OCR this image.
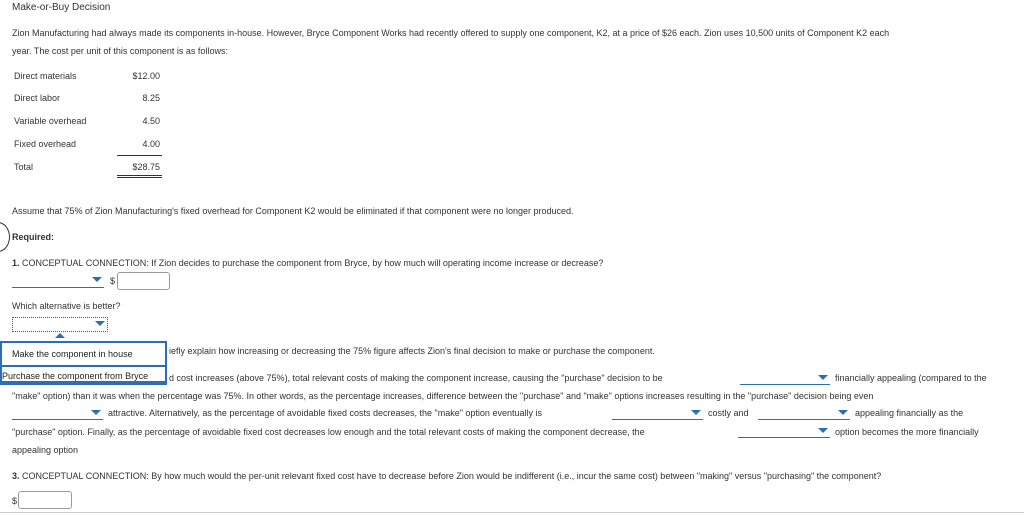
Make-or-Buy Decision
Zion Manufacturing had always made its components in-house. However, Bryce Component Works had recently offered to supply one component, K2, at a price of $26 each. Zion uses 10,500 units of Component K2 each
year. The cost per unit of this component is as follows:
Direct materials	$12.00
Direct labor	8.25
Variable overhead	4.50
Fixed overhead	4.00
Total	$28.75
Assume that 75% of Zion Manufacturing's fixed overhead for Component K2 would be eliminated if that component were no longer produced.
Required:
1. CONCEPTUAL CONNECTION: If Zion decides to purchase the component from Bryce, by how much will operating income increase or decrease?
$
Which alternative is better?
iefly explain how increasing or decreasing the 75% figure affects Zion's final decision to make or purchase the component.
d cost increases (above 75%), total relevant costs of making the component increase, causing the "purchase" decision to be	financially appealing (compared to the
"make" option) than it was when the percentage was 75%. In other words, as the percentage increases, difference between the "purchase" and "make" options increases resulting in the "purchase" decision being even
attractive. Alternatively, as the percentage of avoidable fixed costs decreases, the "make" option eventually is	costly and	appealing financially as the
"purchase" option. Finally, as the percentage of avoidable fixed cost decreases low enough and the total relevant costs of making the component decrease, the	option becomes the more financially
appealing option
3. CONCEPTUAL CONNECTION: By how much would the per-unit relevant fixed cost have to decrease before Zion would be indifferent (i.e., incur the same cost) between "making" versus "purchasing" the component?
$
Make the component in house
Purchase the component from Bryce
